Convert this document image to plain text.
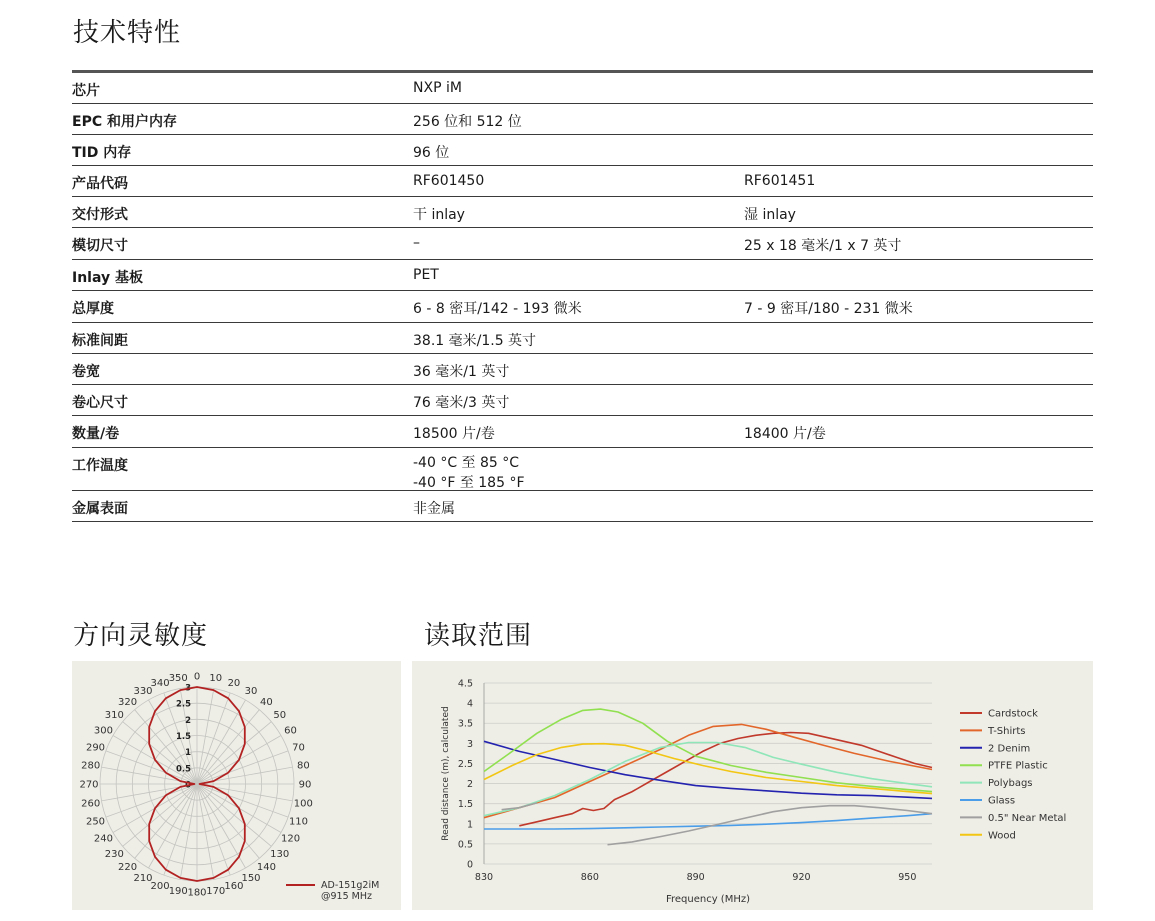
技术特性
芯片	NXP iM
EPC 和用户内存	256 位和 512 位
TID 内存	96 位
产品代码	RF601450	RF601451
交付形式	干 inlay	湿 inlay
模切尺寸	–	25 x 18 毫米/1 x 7 英寸
Inlay 基板	PET
总厚度	6 - 8 密耳/142 - 193 微米	7 - 9 密耳/180 - 231 微米
标准间距	38.1 毫米/1.5 英寸
卷宽	36 毫米/1 英寸
卷心尺寸	76 毫米/3 英寸
数量/卷	18500 片/卷	18400 片/卷
工作温度	-40 °C 至 85 °C
-40 °F 至 185 °F
金属表面	非金属
方向灵敏度	读取范围
0 10 20
30
40
50
60
70
80
90
100
110
120
130
140
150
160
170
180
190
200
210
220
230
240
250
260
270
280
290
300
310
320
330
340 350
0
0.5
1
1.5
2
2.5
3
AD-151g2iM
@915 MHz
0
0.5
1
1.5
2
2.5
3
3.5
4
4.5
830	860	890	920	950
Frequency (MHz)
Read distance (m), calculated	Cardstock
T-Shirts
2 Denim
PTFE Plastic
Polybags
Glass
0.5" Near Metal
Wood
